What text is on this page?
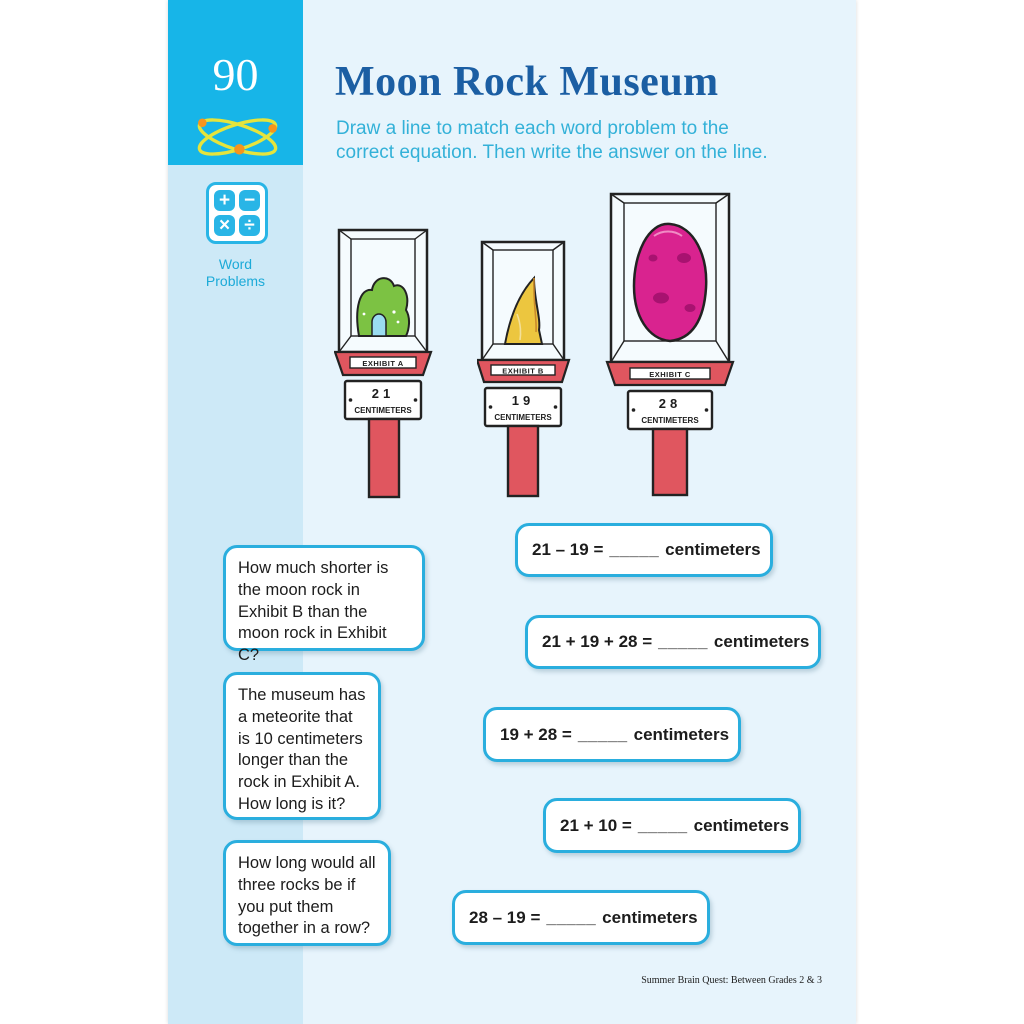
90
+ −
× ÷
Word
Problems
Moon Rock Museum
Draw a line to match each word problem to the
correct equation. Then write the answer on the line.
EXHIBIT A
21
CENTIMETERS
EXHIBIT B
19
CENTIMETERS
EXHIBIT C
28
CENTIMETERS
How much shorter is the moon rock in Exhibit B than the moon rock in Exhibit C?
The museum has a meteorite that is 10 centimeters longer than the rock in Exhibit A. How long is it?
How long would all three rocks be if you put them together in a row?
21 – 19 = _____ centimeters
21 + 19 + 28 = _____ centimeters
19 + 28 = _____ centimeters
21 + 10 = _____ centimeters
28 – 19 = _____ centimeters
Summer Brain Quest: Between Grades 2 & 3
